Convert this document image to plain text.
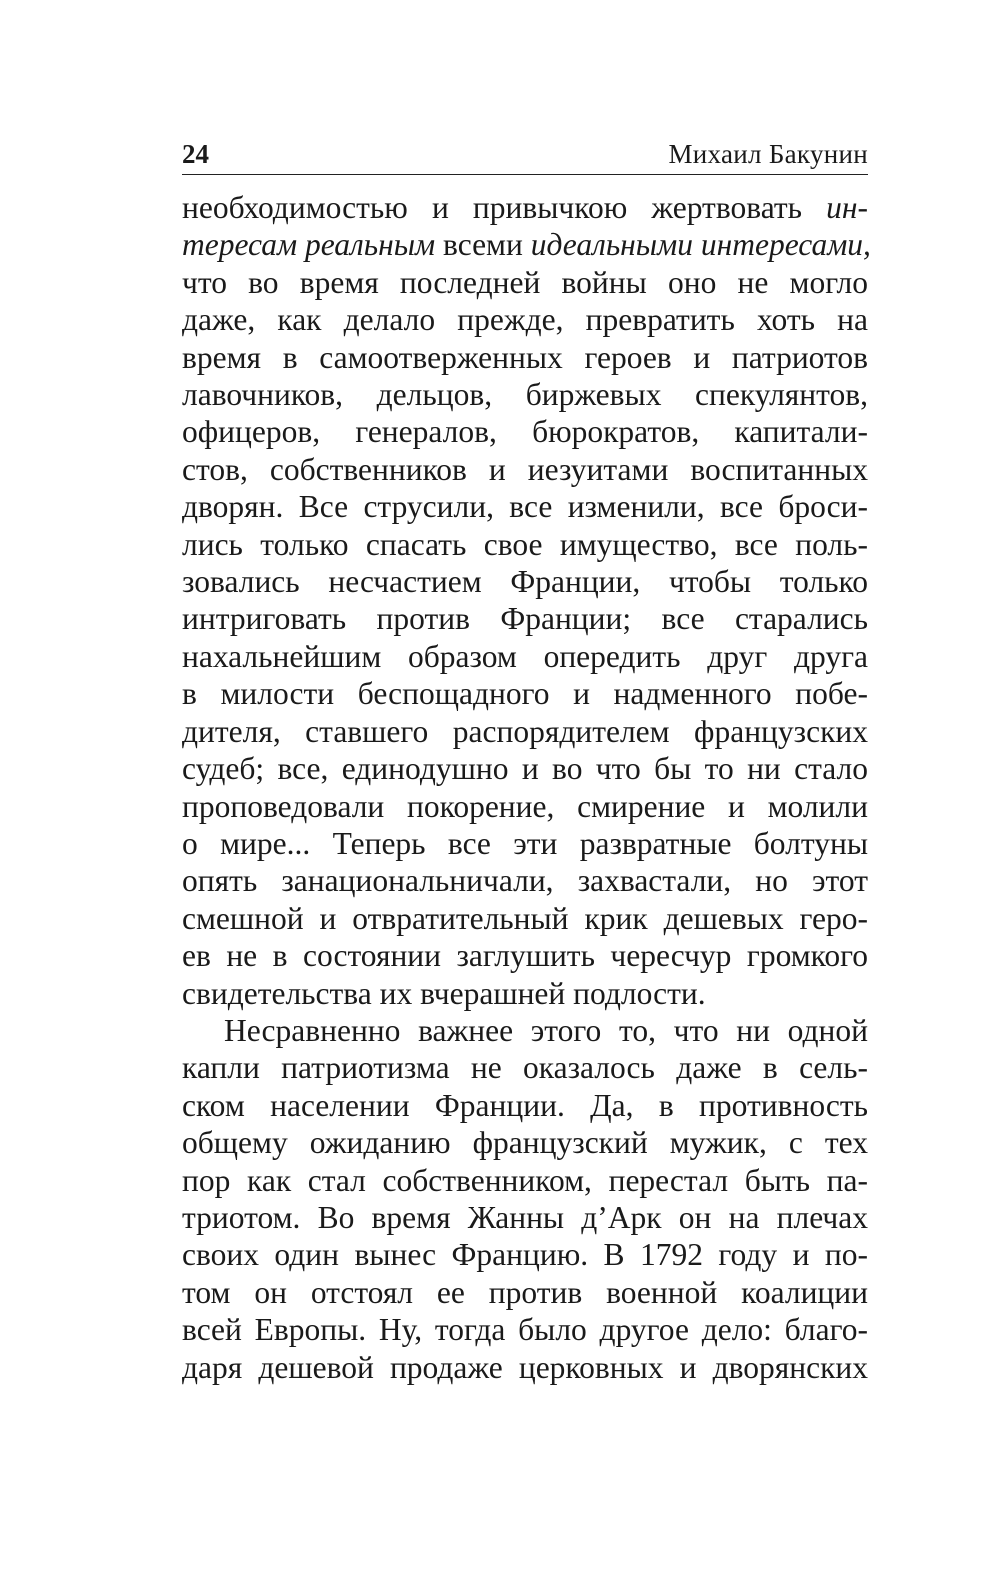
24	Михаил Бакунин
необходимостью и привычкою жертвовать ин-
тересам реальным всеми идеальными интересами,
что во время последней войны оно не могло
даже, как делало прежде, превратить хоть на
время в самоотверженных героев и патриотов
лавочников, дельцов, биржевых спекулянтов,
офицеров, генералов, бюрократов, капитали-
стов, собственников и иезуитами воспитанных
дворян. Все струсили, все изменили, все броси-
лись только спасать свое имущество, все поль-
зовались несчастием Франции, чтобы только
интриговать против Франции; все старались
нахальнейшим образом опередить друг друга
в милости беспощадного и надменного побе-
дителя, ставшего распорядителем французских
судеб; все, единодушно и во что бы то ни стало
проповедовали покорение, смирение и молили
о мире... Теперь все эти развратные болтуны
опять занациональничали, захвастали, но этот
смешной и отвратительный крик дешевых геро-
ев не в состоянии заглушить чересчур громкого
свидетельства их вчерашней подлости.
Несравненно важнее этого то, что ни одной
капли патриотизма не оказалось даже в сель-
ском населении Франции. Да, в противность
общему ожиданию французский мужик, с тех
пор как стал собственником, перестал быть па-
триотом. Во время Жанны д’Арк он на плечах
своих один вынес Францию. В 1792 году и по-
том он отстоял ее против военной коалиции
всей Европы. Ну, тогда было другое дело: благо-
даря дешевой продаже церковных и дворянских
